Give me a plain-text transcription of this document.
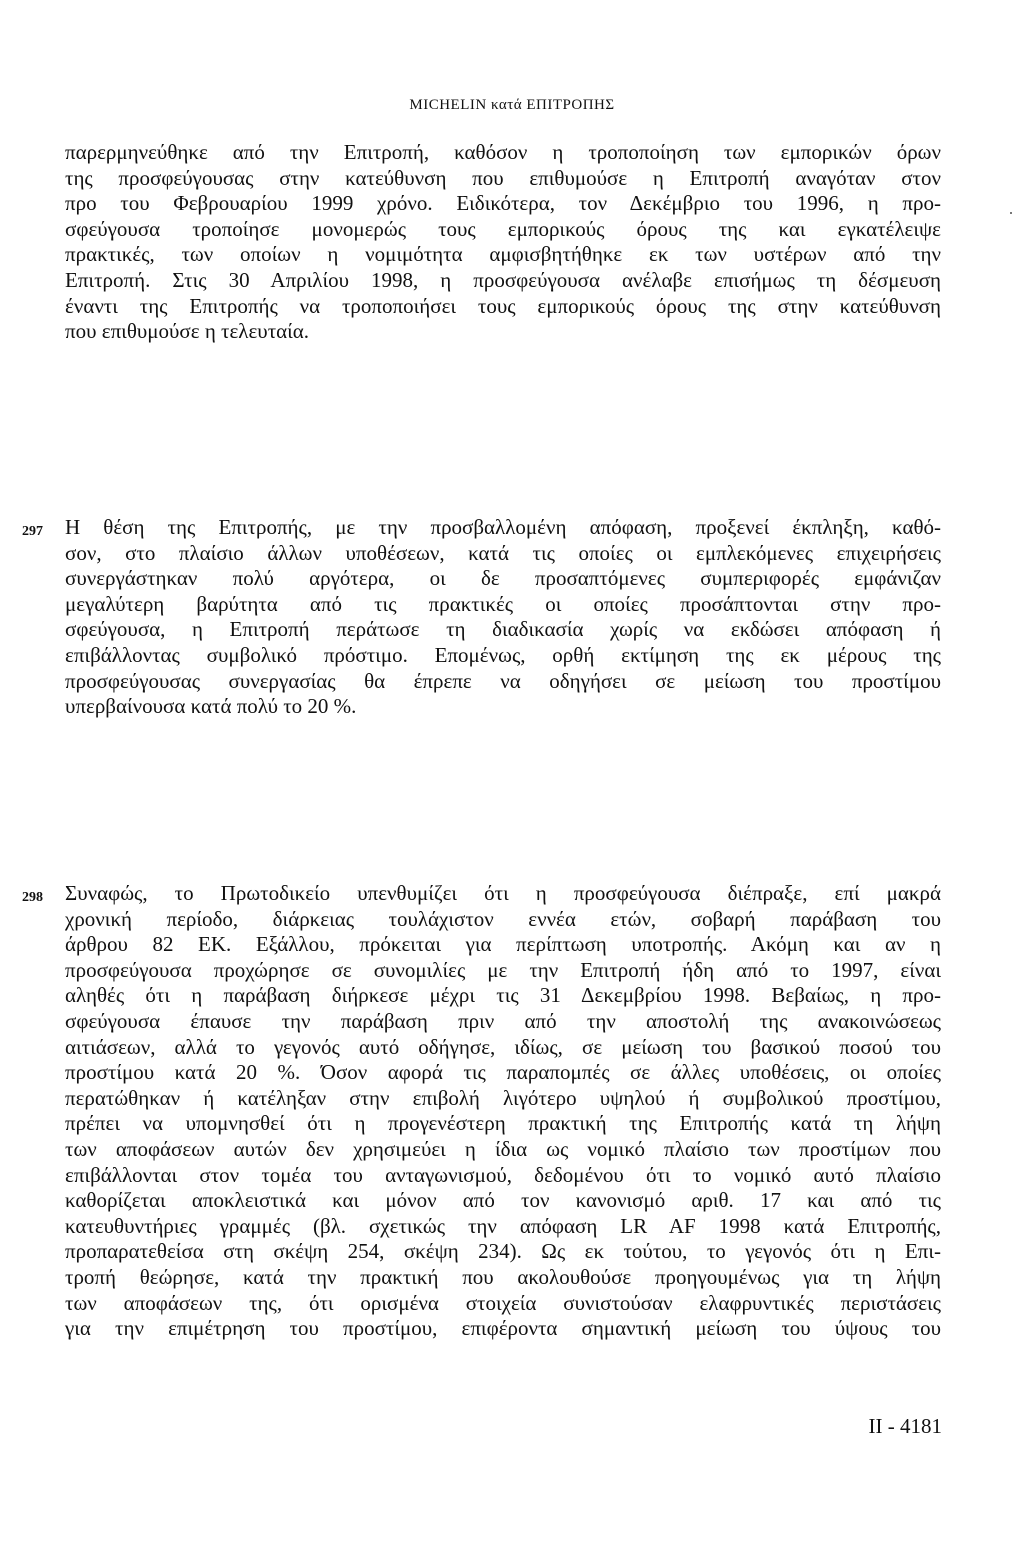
MICHELIN κατά ΕΠΙΤΡΟΠΗΣ
παρερμηνεύθηκε από την Επιτροπή, καθόσον η τροποποίηση των εμπορικών όρων
της προσφεύγουσας στην κατεύθυνση που επιθυμούσε η Επιτροπή αναγόταν στον
προ του Φεβρουαρίου 1999 χρόνο. Ειδικότερα, τον Δεκέμβριο του 1996, η προ-
σφεύγουσα τροποίησε μονομερώς τους εμπορικούς όρους της και εγκατέλειψε
πρακτικές, των οποίων η νομιμότητα αμφισβητήθηκε εκ των υστέρων από την
Επιτροπή. Στις 30 Απριλίου 1998, η προσφεύγουσα ανέλαβε επισήμως τη δέσμευση
έναντι της Επιτροπής να τροποποιήσει τους εμπορικούς όρους της στην κατεύθυνση
που επιθυμούσε η τελευταία.
297 Η θέση της Επιτροπής, με την προσβαλλομένη απόφαση, προξενεί έκπληξη, καθό-
σον, στο πλαίσιο άλλων υποθέσεων, κατά τις οποίες οι εμπλεκόμενες επιχειρήσεις
συνεργάστηκαν πολύ αργότερα, οι δε προσαπτόμενες συμπεριφορές εμφάνιζαν
μεγαλύτερη βαρύτητα από τις πρακτικές οι οποίες προσάπτονται στην προ-
σφεύγουσα, η Επιτροπή περάτωσε τη διαδικασία χωρίς να εκδώσει απόφαση ή
επιβάλλοντας συμβολικό πρόστιμο. Επομένως, ορθή εκτίμηση της εκ μέρους της
προσφεύγουσας συνεργασίας θα έπρεπε να οδηγήσει σε μείωση του προστίμου
υπερβαίνουσα κατά πολύ το 20 %.
298 Συναφώς, το Πρωτοδικείο υπενθυμίζει ότι η προσφεύγουσα διέπραξε, επί μακρά
χρονική περίοδο, διάρκειας τουλάχιστον εννέα ετών, σοβαρή παράβαση του
άρθρου 82 ΕΚ. Εξάλλου, πρόκειται για περίπτωση υποτροπής. Ακόμη και αν η
προσφεύγουσα προχώρησε σε συνομιλίες με την Επιτροπή ήδη από το 1997, είναι
αληθές ότι η παράβαση διήρκεσε μέχρι τις 31 Δεκεμβρίου 1998. Βεβαίως, η προ-
σφεύγουσα έπαυσε την παράβαση πριν από την αποστολή της ανακοινώσεως
αιτιάσεων, αλλά το γεγονός αυτό οδήγησε, ιδίως, σε μείωση του βασικού ποσού του
προστίμου κατά 20 %. Όσον αφορά τις παραπομπές σε άλλες υποθέσεις, οι οποίες
περατώθηκαν ή κατέληξαν στην επιβολή λιγότερο υψηλού ή συμβολικού προστίμου,
πρέπει να υπομνησθεί ότι η προγενέστερη πρακτική της Επιτροπής κατά τη λήψη
των αποφάσεων αυτών δεν χρησιμεύει η ίδια ως νομικό πλαίσιο των προστίμων που
επιβάλλονται στον τομέα του ανταγωνισμού, δεδομένου ότι το νομικό αυτό πλαίσιο
καθορίζεται αποκλειστικά και μόνον από τον κανονισμό αριθ. 17 και από τις
κατευθυντήριες γραμμές (βλ. σχετικώς την απόφαση LR AF 1998 κατά Επιτροπής,
προπαρατεθείσα στη σκέψη 254, σκέψη 234). Ως εκ τούτου, το γεγονός ότι η Επι-
τροπή θεώρησε, κατά την πρακτική που ακολουθούσε προηγουμένως για τη λήψη
των αποφάσεων της, ότι ορισμένα στοιχεία συνιστούσαν ελαφρυντικές περιστάσεις
για την επιμέτρηση του προστίμου, επιφέροντα σημαντική μείωση του ύψους του
II - 4181
